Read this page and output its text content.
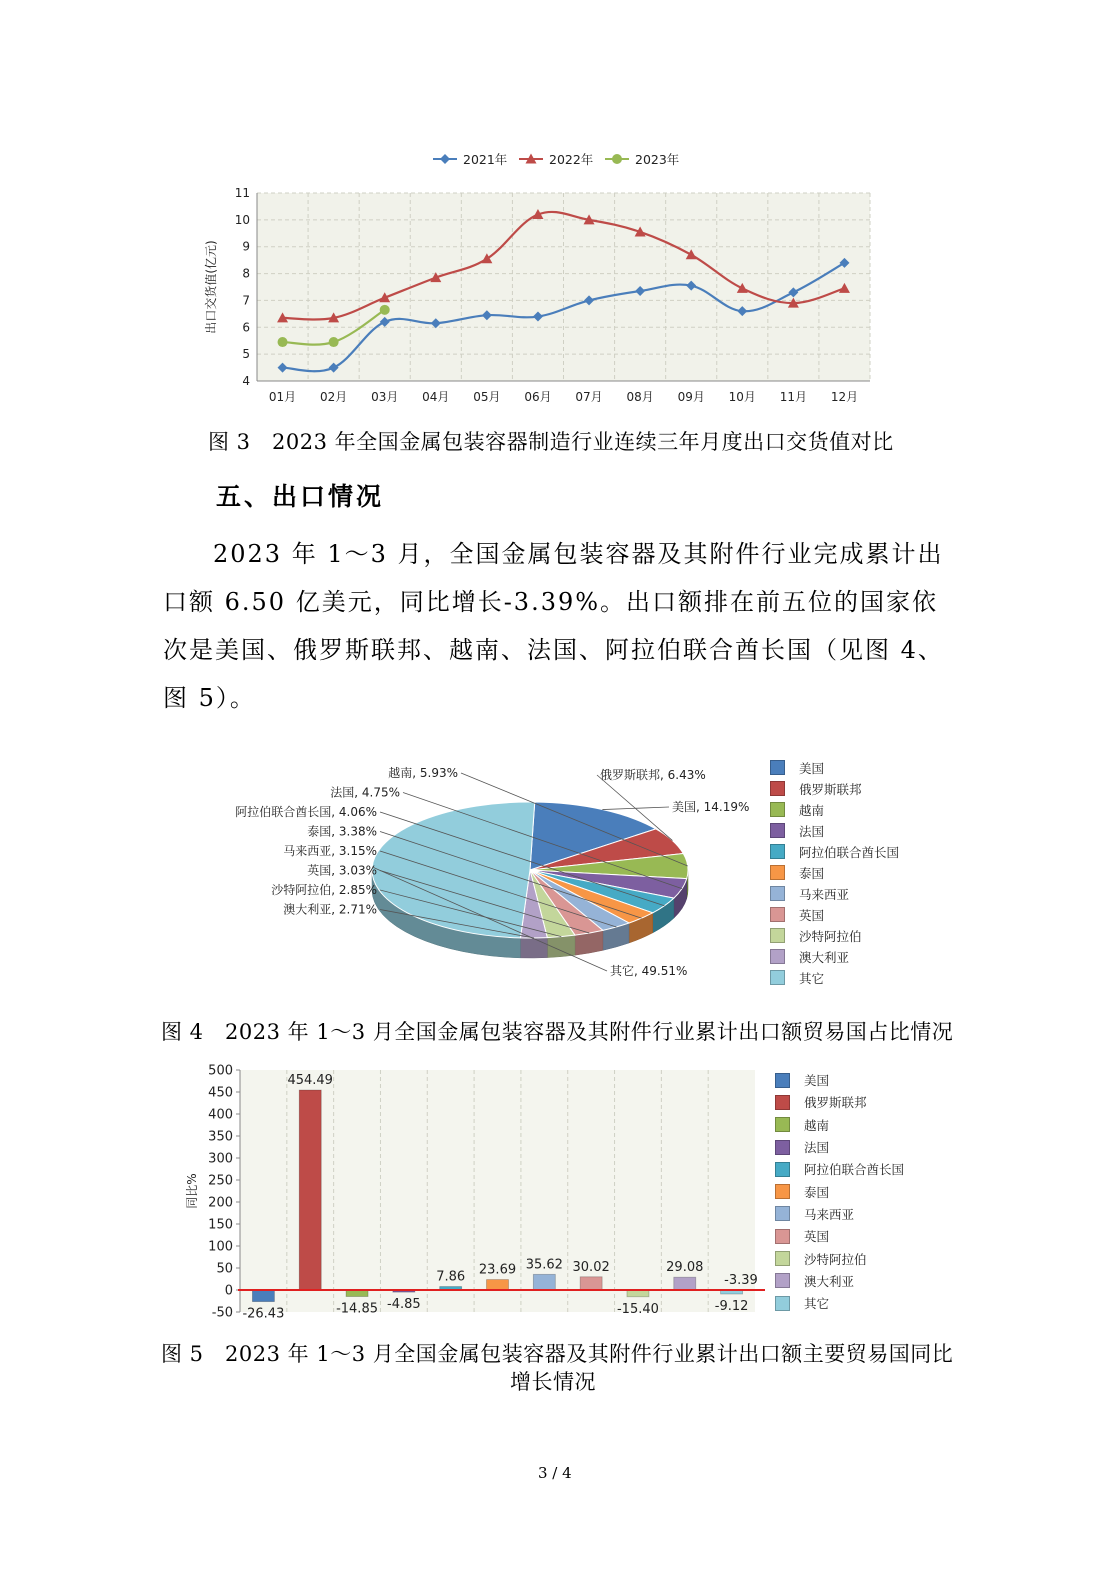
2021年	2022年	2023年
4
5
6
7
8
9
10
11
01月 02月 03月 04月 05月 06月 07月 08月 09月 10月 11月 12月
出口交货值(亿元)
图 3　2023 年全国金属包装容器制造行业连续三年月度出口交货值对比
五、出口情况

2023 年 1～3 月，全国金属包装容器及其附件行业完成累计出

口额 6.50 亿美元，同比增长-3.39%。出口额排在前五位的国家依

次是美国、俄罗斯联邦、越南、法国、阿拉伯联合酋长国（见图 4、

图 5）。

美国, 14.19%
俄罗斯联邦, 6.43%
越南, 5.93%
法国, 4.75%
阿拉伯联合酋长国, 4.06%
泰国, 3.38%
马来西亚, 3.15%
英国, 3.03%
沙特阿拉伯, 2.85%
澳大利亚, 2.71%
其它, 49.51%
美国
俄罗斯联邦
越南
法国
阿拉伯联合酋长国
泰国
马来西亚
英国
沙特阿拉伯
澳大利亚
其它
图 4　2023 年 1～3 月全国金属包装容器及其附件行业累计出口额贸易国占比情况
-50
0
50
100
150
200
250
300
350
400
450
500
同比%
-26.43
454.49
-14.85 -4.85
7.86 23.69 35.62 30.02
-15.40
29.08
-9.12
-3.39
美国
俄罗斯联邦
越南
法国
阿拉伯联合酋长国
泰国
马来西亚
英国
沙特阿拉伯
澳大利亚
其它
图 5　2023 年 1～3 月全国金属包装容器及其附件行业累计出口额主要贸易国同比
增长情况
3 / 4
